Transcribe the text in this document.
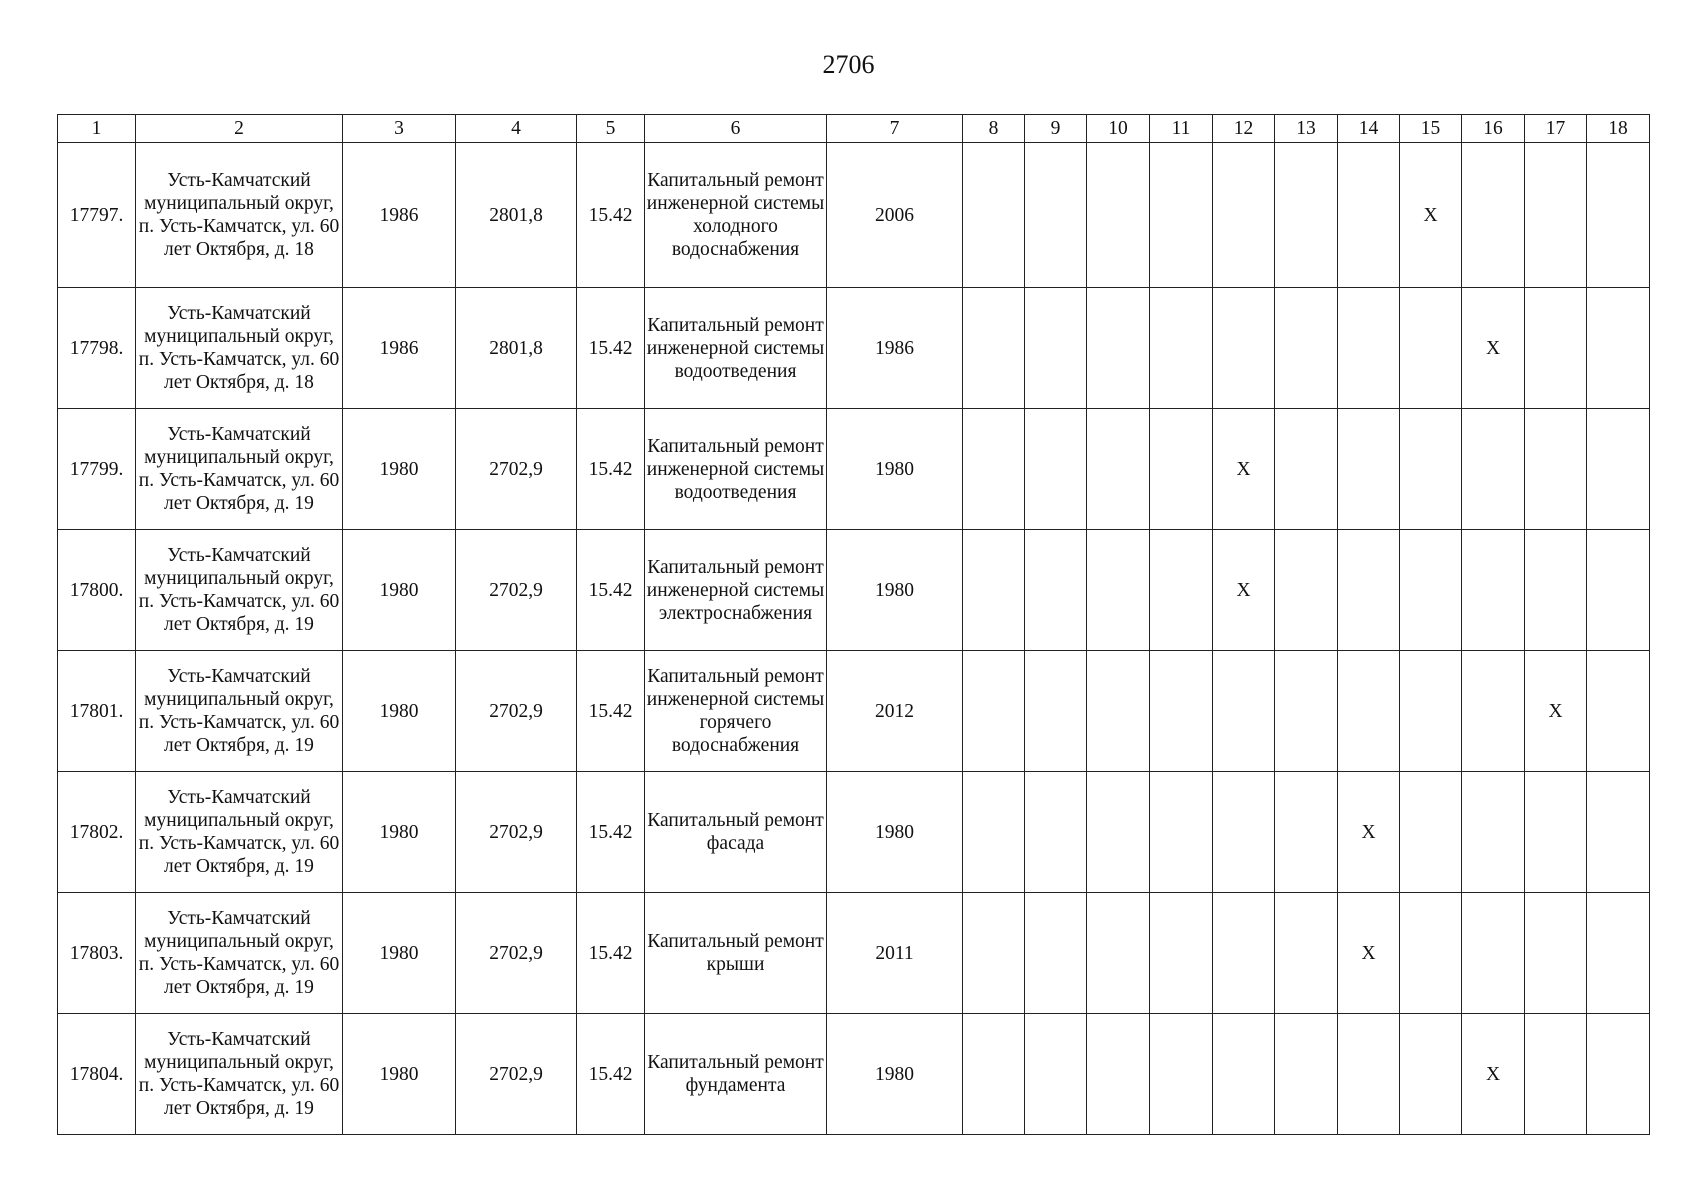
2706
1	2	3	4	5	6	7	8	9	10	11	12	13	14	15	16	17	18
17797.	Усть-Камчатский муниципальный округ, п. Усть-Камчатск, ул. 60 лет Октября, д. 18	1986	2801,8	15.42	Капитальный ремонт инженерной системы холодного водоснабжения	2006								X			
17798.	Усть-Камчатский муниципальный округ, п. Усть-Камчатск, ул. 60 лет Октября, д. 18	1986	2801,8	15.42	Капитальный ремонт инженерной системы водоотведения	1986									X		
17799.	Усть-Камчатский муниципальный округ, п. Усть-Камчатск, ул. 60 лет Октября, д. 19	1980	2702,9	15.42	Капитальный ремонт инженерной системы водоотведения	1980					X						
17800.	Усть-Камчатский муниципальный округ, п. Усть-Камчатск, ул. 60 лет Октября, д. 19	1980	2702,9	15.42	Капитальный ремонт инженерной системы электроснабжения	1980					X						
17801.	Усть-Камчатский муниципальный округ, п. Усть-Камчатск, ул. 60 лет Октября, д. 19	1980	2702,9	15.42	Капитальный ремонт инженерной системы горячего водоснабжения	2012										X	
17802.	Усть-Камчатский муниципальный округ, п. Усть-Камчатск, ул. 60 лет Октября, д. 19	1980	2702,9	15.42	Капитальный ремонт фасада	1980							X				
17803.	Усть-Камчатский муниципальный округ, п. Усть-Камчатск, ул. 60 лет Октября, д. 19	1980	2702,9	15.42	Капитальный ремонт крыши	2011							X				
17804.	Усть-Камчатский муниципальный округ, п. Усть-Камчатск, ул. 60 лет Октября, д. 19	1980	2702,9	15.42	Капитальный ремонт фундамента	1980									X		
